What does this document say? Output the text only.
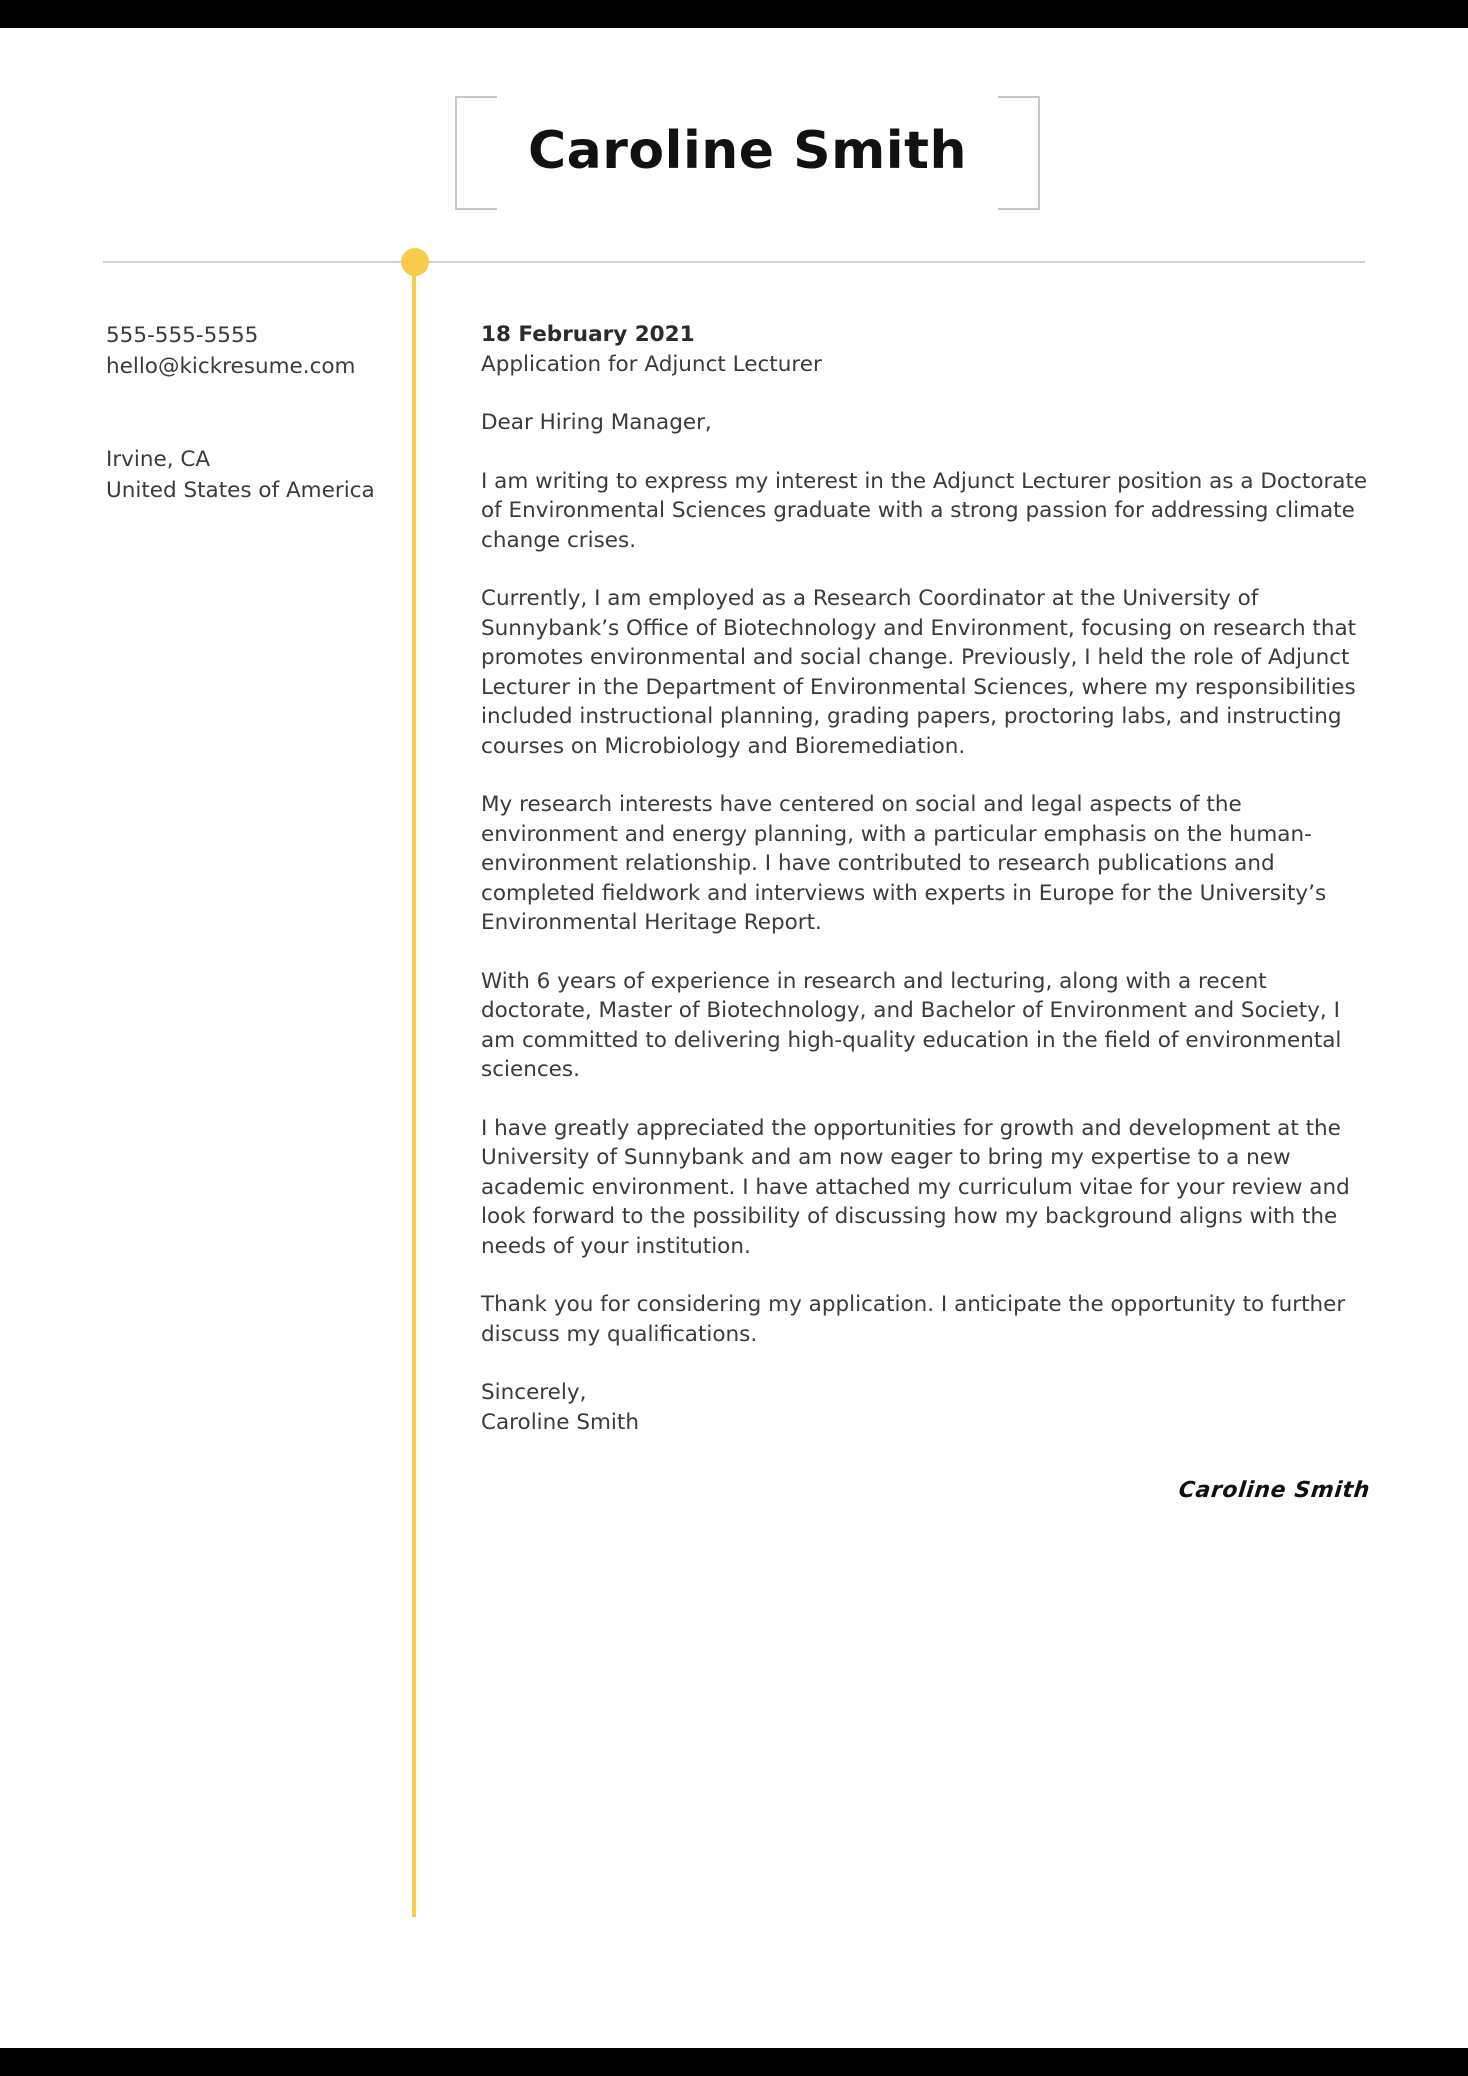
Caroline Smith
555-555-5555
hello@kickresume.com
Irvine, CA
United States of America

18 February 2021

Application for Adjunct Lecturer

Dear Hiring Manager,

I am writing to express my interest in the Adjunct Lecturer position as a Doctorate of Environmental Sciences graduate with a strong passion for addressing climate change crises.

Currently, I am employed as a Research Coordinator at the University of Sunnybank’s Office of Biotechnology and Environment, focusing on research that promotes environmental and social change. Previously, I held the role of Adjunct Lecturer in the Department of Environmental Sciences, where my responsibilities included instructional planning, grading papers, proctoring labs, and instructing courses on Microbiology and Bioremediation.

My research interests have centered on social and legal aspects of the environment and energy planning, with a particular emphasis on the human-environment relationship. I have contributed to research publications and completed fieldwork and interviews with experts in Europe for the University’s Environmental Heritage Report.

With 6 years of experience in research and lecturing, along with a recent doctorate, Master of Biotechnology, and Bachelor of Environment and Society, I am committed to delivering high-quality education in the field of environmental sciences.

I have greatly appreciated the opportunities for growth and development at the University of Sunnybank and am now eager to bring my expertise to a new academic environment. I have attached my curriculum vitae for your review and look forward to the possibility of discussing how my background aligns with the needs of your institution.

Thank you for considering my application. I anticipate the opportunity to further discuss my qualifications.

Sincerely,

Caroline Smith

Caroline Smith
